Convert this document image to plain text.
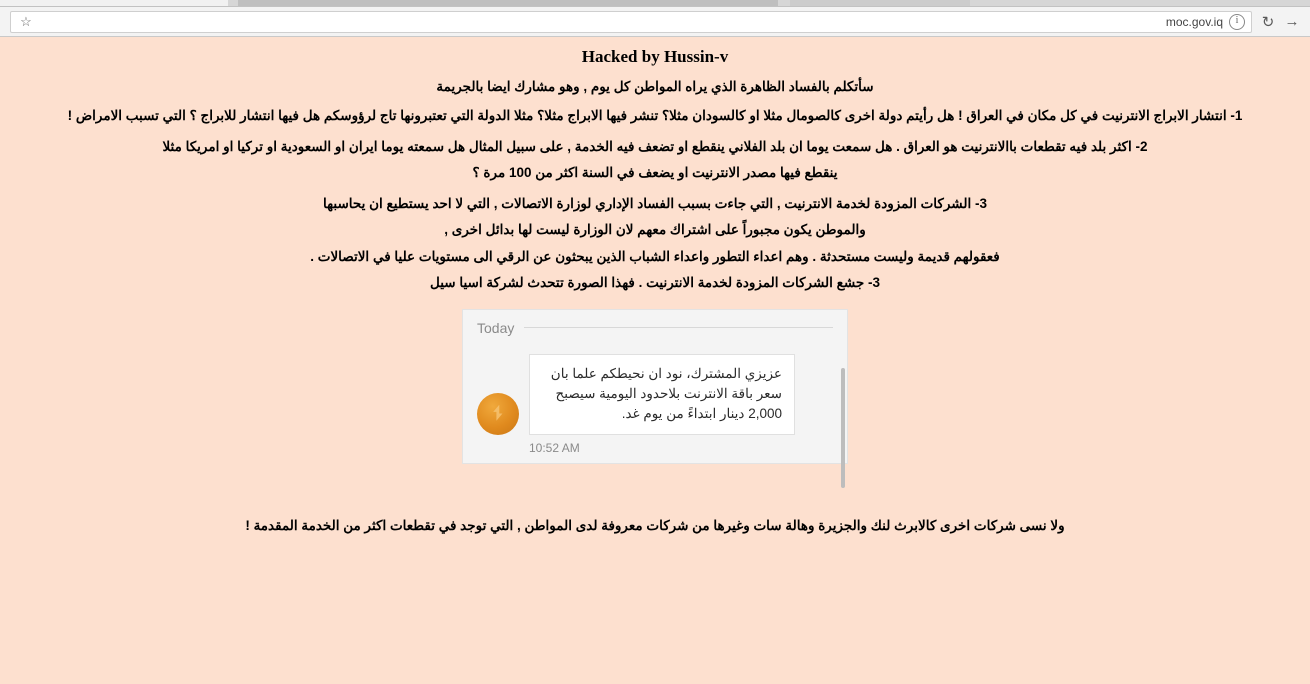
☆	moc.gov.iq	i	↻ →
Hacked by Hussin-v
سأتكلم بالفساد الظاهرة الذي يراه المواطن كل يوم , وهو مشارك ايضا بالجريمة
1- انتشار الابراج الانترنيت في كل مكان في العراق ! هل رأيتم دولة اخرى كالصومال مثلا او كالسودان مثلا؟ تنشر فيها الابراج مثلا؟ مثلا الدولة التي تعتبرونها تاج لرؤوسكم هل فيها انتشار للابراج ؟ التي تسبب الامراض !
2- اكثر بلد فيه تقطعات باالانترنيت هو العراق . هل سمعت يوما ان بلد الفلاني ينقطع او تضعف فيه الخدمة , على سبيل المثال هل سمعته يوما ايران او السعودية او تركيا او امريكا مثلا
ينقطع فيها مصدر الانترنيت او يضعف في السنة اكثر من 100 مرة ؟
3- الشركات المزودة لخدمة الانترنيت , التي جاءت بسبب الفساد الإداري لوزارة الاتصالات , التي لا احد يستطيع ان يحاسبها
والموطن يكون مجبوراً على اشتراك معهم لان الوزارة ليست لها بدائل اخرى ,
فعقولهم قديمة وليست مستحدثة . وهم اعداء التطور واعداء الشباب الذين يبحثون عن الرقي الى مستويات عليا في الاتصالات .
3- جشع الشركات المزودة لخدمة الانترنيت . فهذا الصورة تتحدث لشركة اسيا سيل
Today
عزيزي المشترك، نود ان نحيطكم علما بان سعر باقة الانترنت بلاحدود اليومية سيصبح 2,000 دينار ابتداءً من يوم غد.
10:52 AM
ولا نسى شركات اخرى كالابرث لنك والجزيرة وهالة سات وغيرها من شركات معروفة لدى المواطن , التي توجد في تقطعات اكثر من الخدمة المقدمة !
